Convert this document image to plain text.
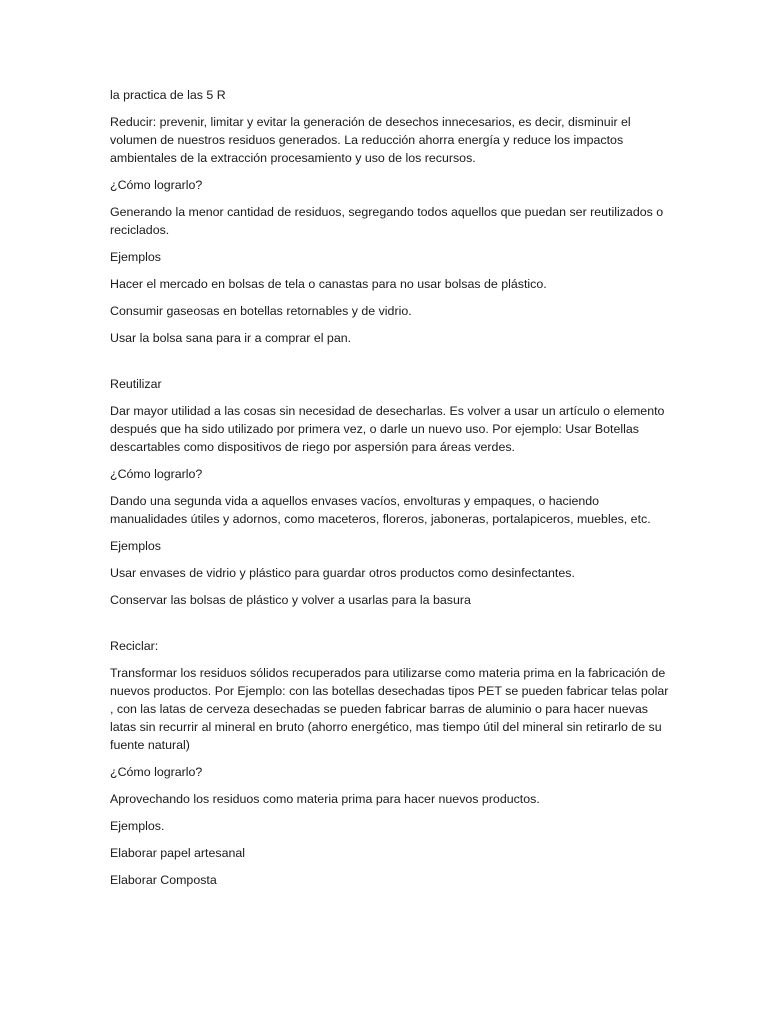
la practica de las 5 R

Reducir: prevenir, limitar y evitar la generación de desechos innecesarios, es decir, disminuir el volumen de nuestros residuos generados. La reducción ahorra energía y reduce los impactos ambientales de la extracción procesamiento y uso de los recursos.

¿Cómo lograrlo?

Generando la menor cantidad de residuos, segregando todos aquellos que puedan ser reutilizados o reciclados.

Ejemplos

Hacer el mercado en bolsas de tela o canastas para no usar bolsas de plástico.

Consumir gaseosas en botellas retornables y de vidrio.

Usar la bolsa sana para ir a comprar el pan.

Reutilizar

Dar mayor utilidad a las cosas sin necesidad de desecharlas. Es volver a usar un artículo o elemento después que ha sido utilizado por primera vez, o darle un nuevo uso. Por ejemplo: Usar Botellas descartables como dispositivos de riego por aspersión para áreas verdes.

¿Cómo lograrlo?

Dando una segunda vida a aquellos envases vacíos, envolturas y empaques, o haciendo manualidades útiles y adornos, como maceteros, floreros, jaboneras, portalapiceros, muebles, etc.

Ejemplos

Usar envases de vidrio y plástico para guardar otros productos como desinfectantes.

Conservar las bolsas de plástico y volver a usarlas para la basura

Reciclar:

Transformar los residuos sólidos recuperados para utilizarse como materia prima en la fabricación de nuevos productos. Por Ejemplo: con las botellas desechadas tipos PET se pueden fabricar telas polar , con las latas de cerveza desechadas se pueden fabricar barras de aluminio o para hacer nuevas latas sin recurrir al mineral en bruto (ahorro energético, mas tiempo útil del mineral sin retirarlo de su fuente natural)

¿Cómo lograrlo?

Aprovechando los residuos como materia prima para hacer nuevos productos.

Ejemplos.

Elaborar papel artesanal

Elaborar Composta
